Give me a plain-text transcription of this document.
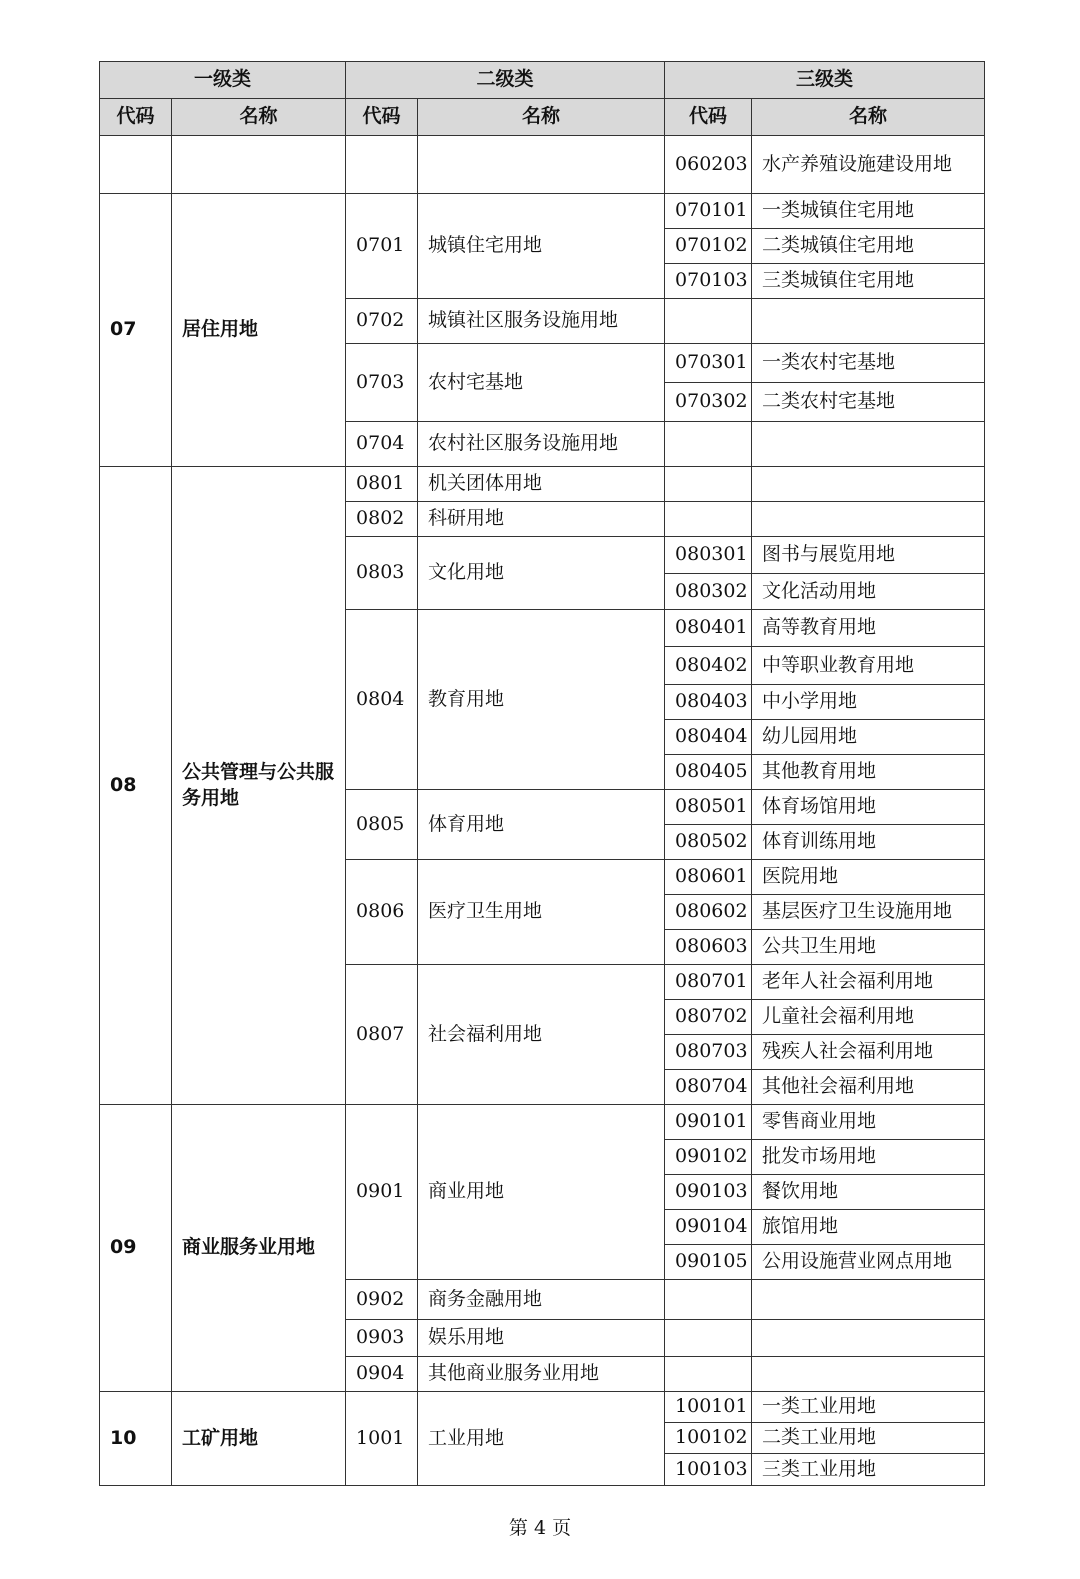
一级类		二级类		三级类	
代码	名称	代码	名称	代码	名称
				060203	水产养殖设施建设用地
07	居住用地	0701	城镇住宅用地	070101	一类城镇住宅用地
				070102	二类城镇住宅用地
				070103	三类城镇住宅用地
		0702	城镇社区服务设施用地		
		0703	农村宅基地	070301	一类农村宅基地
				070302	二类农村宅基地
		0704	农村社区服务设施用地		
08	公共管理与公共服务用地	0801	机关团体用地		
		0802	科研用地		
		0803	文化用地	080301	图书与展览用地
				080302	文化活动用地
		0804	教育用地	080401	高等教育用地
				080402	中等职业教育用地
				080403	中小学用地
				080404	幼儿园用地
				080405	其他教育用地
		0805	体育用地	080501	体育场馆用地
				080502	体育训练用地
		0806	医疗卫生用地	080601	医院用地
				080602	基层医疗卫生设施用地
				080603	公共卫生用地
		0807	社会福利用地	080701	老年人社会福利用地
				080702	儿童社会福利用地
				080703	残疾人社会福利用地
				080704	其他社会福利用地
09	商业服务业用地	0901	商业用地	090101	零售商业用地
				090102	批发市场用地
				090103	餐饮用地
				090104	旅馆用地
				090105	公用设施营业网点用地
		0902	商务金融用地		
		0903	娱乐用地		
		0904	其他商业服务业用地		
10	工矿用地	1001	工业用地	100101	一类工业用地
				100102	二类工业用地
				100103	三类工业用地
第 4 页
